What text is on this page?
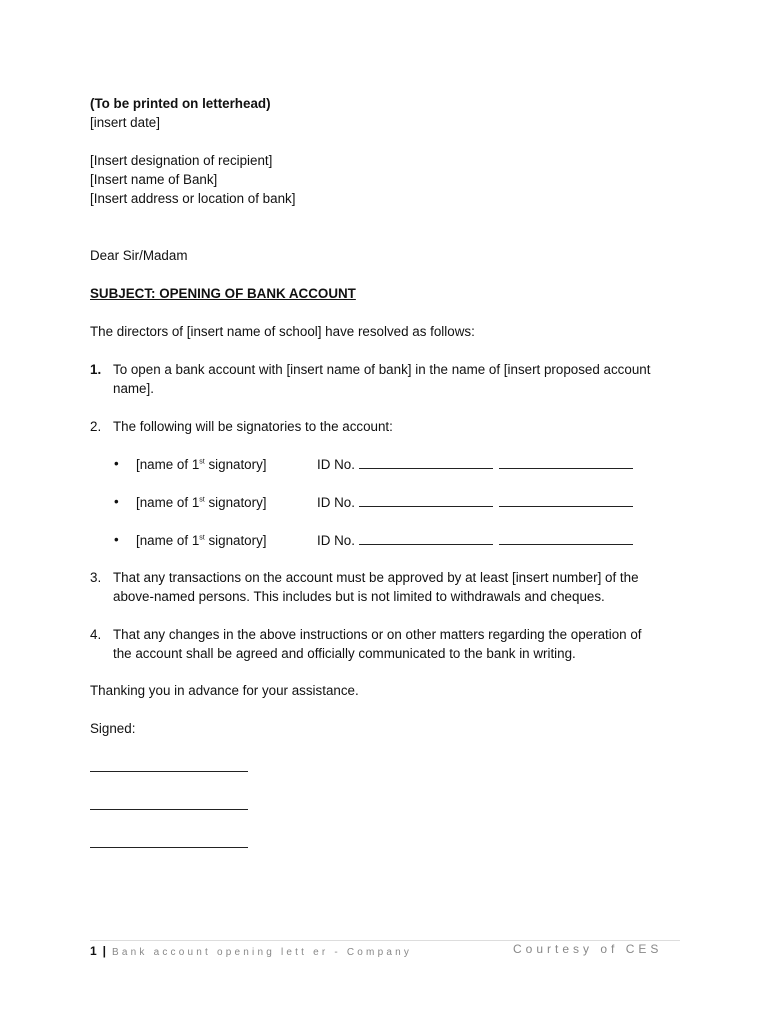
(To be printed on letterhead)
[insert date]
[Insert designation of recipient]
[Insert name of Bank]
[Insert address or location of bank]
Dear Sir/Madam
SUBJECT: OPENING OF BANK ACCOUNT
The directors of [insert name of school] have resolved as follows:
1. To open a bank account with [insert name of bank] in the name of [insert proposed account
name].
2. The following will be signatories to the account:
• [name of 1st signatory]	ID No.
• [name of 1st signatory]	ID No.
• [name of 1st signatory]	ID No.
3. That any transactions on the account must be approved by at least [insert number] of the
above-named persons. This includes but is not limited to withdrawals and cheques.
4. That any changes in the above instructions or on other matters regarding the operation of
the account shall be agreed and officially communicated to the bank in writing.
Thanking you in advance for your assistance.
Signed:
1 | Bank account opening lett er - Company	Courtesy of CES
